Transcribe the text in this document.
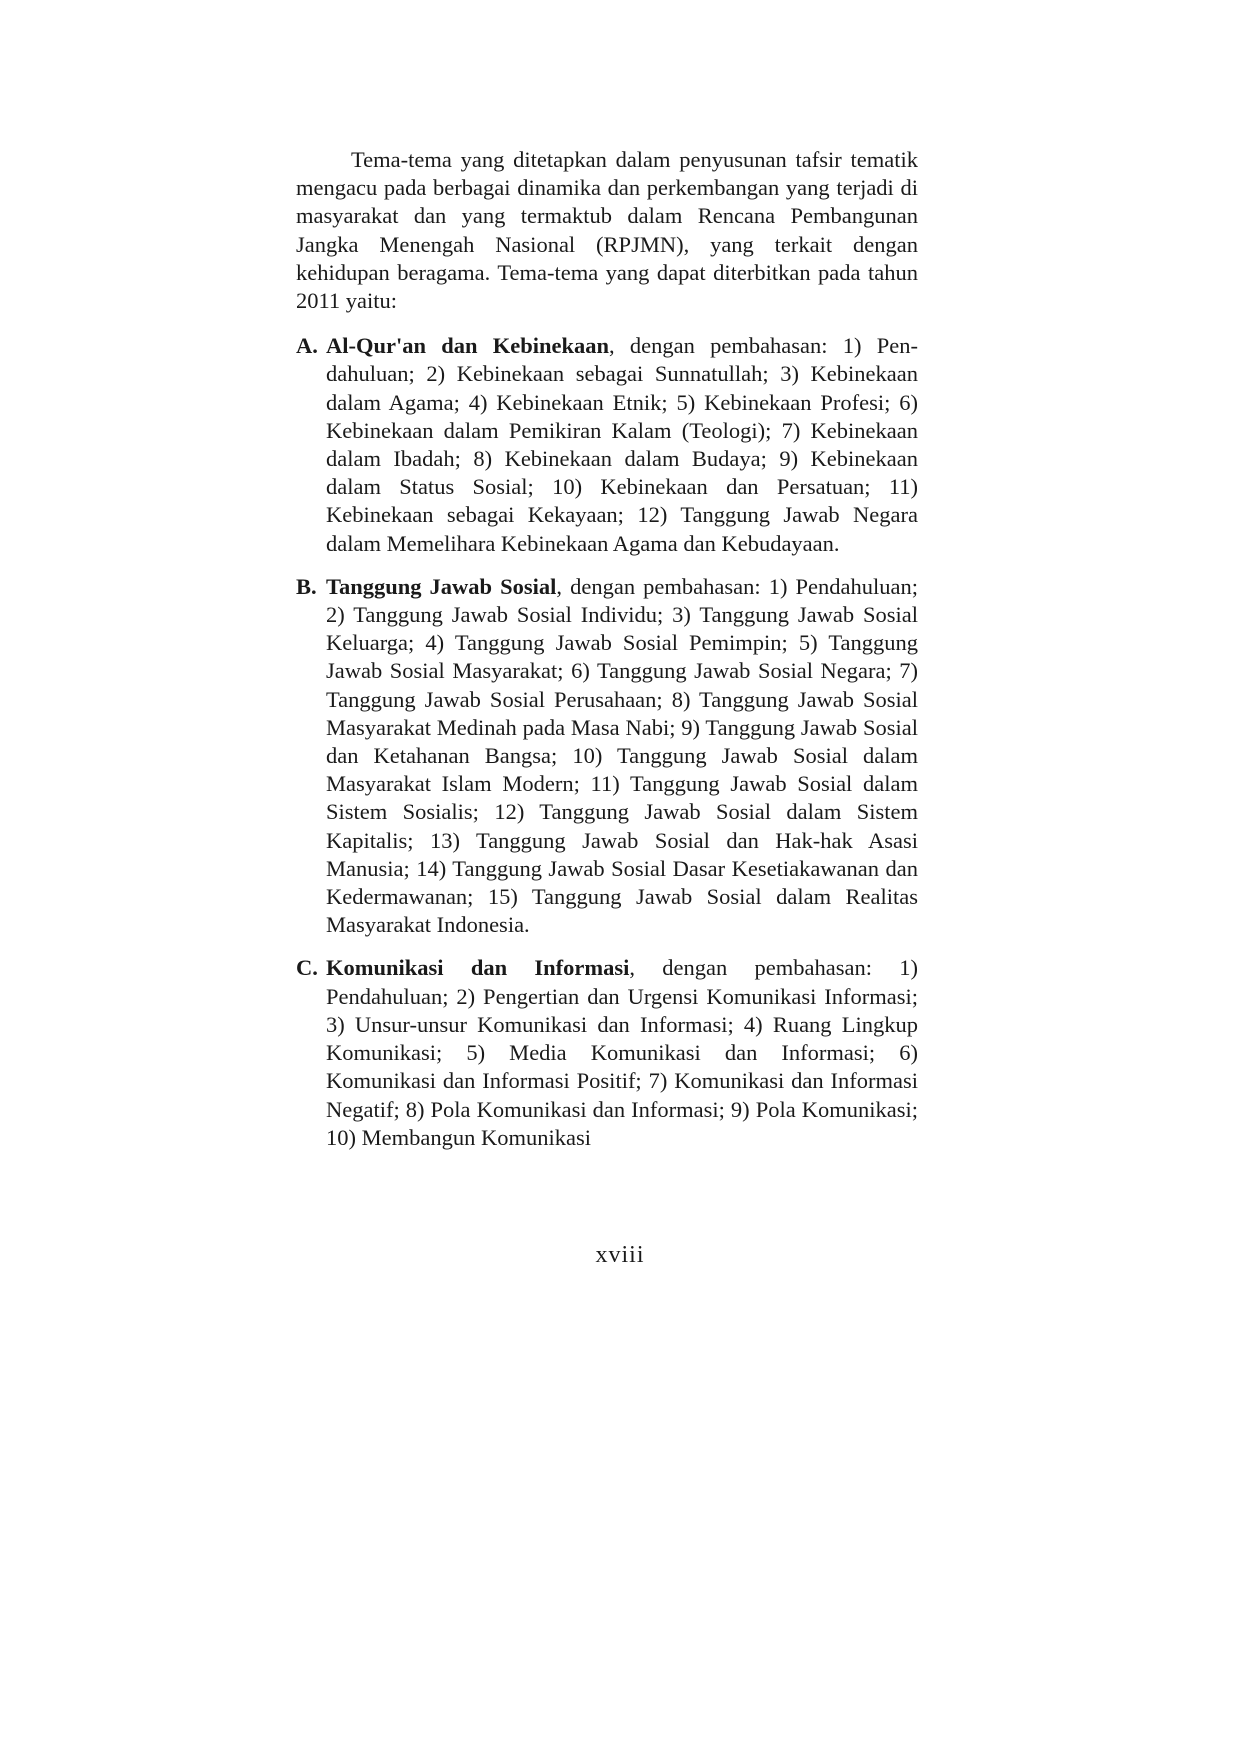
Tema-tema yang ditetapkan dalam penyusunan tafsir tematik mengacu pada berbagai dinamika dan perkembangan yang terjadi di masyarakat dan yang termaktub dalam Rencana Pembangunan Jangka Menengah Nasional (RPJMN), yang terkait dengan kehidupan beragama. Tema-tema yang dapat diterbitkan pada tahun 2011 yaitu:

A. Al-Qur'an dan Kebinekaan, dengan pembahasan: 1) Pendahuluan; 2) Kebinekaan sebagai Sunnatullah; 3) Kebinekaan dalam Agama; 4) Kebinekaan Etnik; 5) Kebinekaan Profesi; 6) Kebinekaan dalam Pemikiran Kalam (Teologi); 7) Kebinekaan dalam Ibadah; 8) Kebinekaan dalam Budaya; 9) Kebinekaan dalam Status Sosial; 10) Kebinekaan dan Persatuan; 11) Kebinekaan sebagai Kekayaan; 12) Tanggung Jawab Negara dalam Memelihara Kebinekaan Agama dan Kebudayaan.
B. Tanggung Jawab Sosial, dengan pembahasan: 1) Pendahuluan; 2) Tanggung Jawab Sosial Individu; 3) Tanggung Jawab Sosial Keluarga; 4) Tanggung Jawab Sosial Pemimpin; 5) Tanggung Jawab Sosial Masyarakat; 6) Tanggung Jawab Sosial Negara; 7) Tanggung Jawab Sosial Perusahaan; 8) Tanggung Jawab Sosial Masyarakat Medinah pada Masa Nabi; 9) Tanggung Jawab Sosial dan Ketahanan Bangsa; 10) Tanggung Jawab Sosial dalam Masyarakat Islam Modern; 11) Tanggung Jawab Sosial dalam Sistem Sosialis; 12) Tanggung Jawab Sosial dalam Sistem Kapitalis; 13) Tanggung Jawab Sosial dan Hak-hak Asasi Manusia; 14) Tanggung Jawab Sosial Dasar Kesetiakawanan dan Kedermawanan; 15) Tanggung Jawab Sosial dalam Realitas Masyarakat Indonesia.
C. Komunikasi dan Informasi, dengan pembahasan: 1) Pendahuluan; 2) Pengertian dan Urgensi Komunikasi Informasi; 3) Unsur-unsur Komunikasi dan Informasi; 4) Ruang Lingkup Komunikasi; 5) Media Komunikasi dan Informasi; 6) Komunikasi dan Informasi Positif; 7) Komunikasi dan Informasi Negatif; 8) Pola Komunikasi dan Informasi; 9) Pola Komunikasi; 10) Membangun Komunikasi
xviii
